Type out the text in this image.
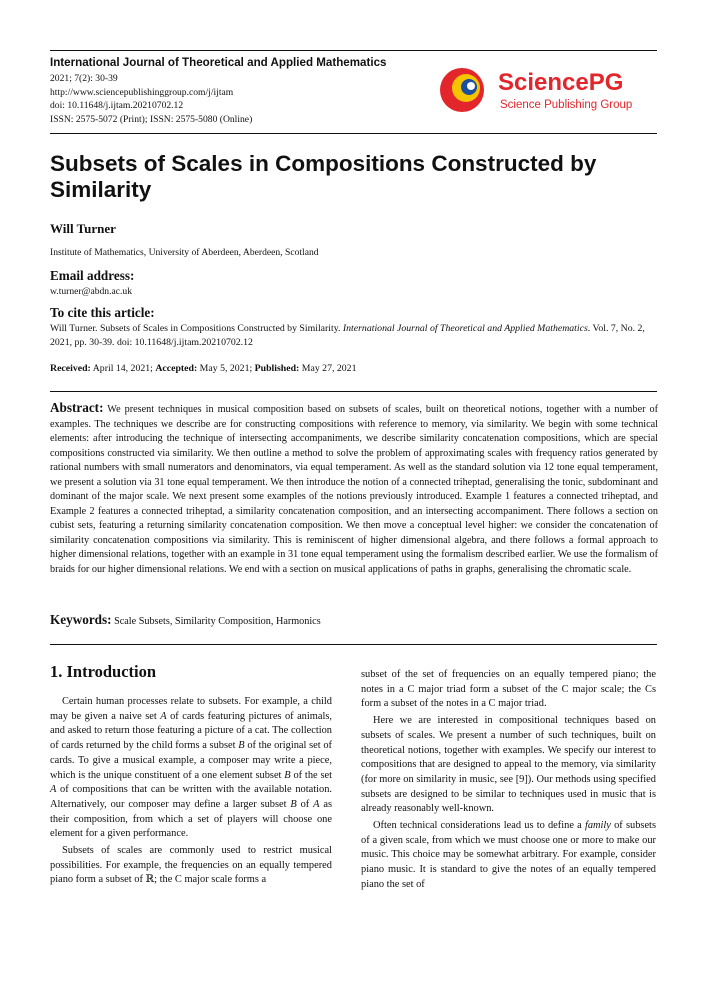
International Journal of Theoretical and Applied Mathematics
2021; 7(2): 30-39
http://www.sciencepublishinggroup.com/j/ijtam
doi: 10.11648/j.ijtam.20210702.12
ISSN: 2575-5072 (Print); ISSN: 2575-5080 (Online)
SciencePG
Science Publishing Group
Subsets of Scales in Compositions Constructed by
Similarity
Will Turner
Institute of Mathematics, University of Aberdeen, Aberdeen, Scotland
Email address:
w.turner@abdn.ac.uk
To cite this article:
Will Turner. Subsets of Scales in Compositions Constructed by Similarity. International Journal of Theoretical and Applied Mathematics. Vol. 7, No. 2, 2021, pp. 30-39. doi: 10.11648/j.ijtam.20210702.12
Received: April 14, 2021; Accepted: May 5, 2021; Published: May 27, 2021
Abstract: We present techniques in musical composition based on subsets of scales, built on theoretical notions, together with a number of examples. The techniques we describe are for constructing compositions with reference to memory, via similarity. We begin with some technical elements: after introducing the technique of intersecting accompaniments, we describe similarity concatenation compositions, which are special compositions constructed via similarity. We then outline a method to solve the problem of approximating scales with frequency ratios generated by rational numbers with small numerators and denominators, via equal temperament. As well as the standard solution via 12 tone equal temperament, we present a solution via 31 tone equal temperament. We then introduce the notion of a connected triheptad, generalising the tonic, subdominant and dominant of the major scale. We next present some examples of the notions previously introduced. Example 1 features a connected triheptad, and Example 2 features a connected triheptad, a similarity concatenation composition, and an intersecting accompaniment. There follows a section on cubist sets, featuring a returning similarity concatenation composition. We then move a conceptual level higher: we consider the concatenation of similarity concatenation compositions via similarity. This is reminiscent of higher dimensional algebra, and there follows a formal approach to higher dimensional relations, together with an example in 31 tone equal temperament using the formalism described earlier. We use the formalism of braids for our higher dimensional relations. We end with a section on musical applications of paths in graphs, generalising the chromatic scale.
Keywords: Scale Subsets, Similarity Composition, Harmonics
1. Introduction

Certain human processes relate to subsets. For example, a child may be given a naive set A of cards featuring pictures of animals, and asked to return those featuring a picture of a cat. The collection of cards returned by the child forms a subset B of the original set of cards. To give a musical example, a composer may write a piece, which is the unique constituent of a one element subset B of the set A of compositions that can be written with the available notation. Alternatively, our composer may define a larger subset B of A as their composition, from which a set of players will choose one element for a given performance.

Subsets of scales are commonly used to restrict musical possibilities. For example, the frequencies on an equally tempered piano form a subset of ℝ; the C major scale forms a

subset of the set of frequencies on an equally tempered piano; the notes in a C major triad form a subset of the C major scale; the Cs form a subset of the notes in a C major triad.

Here we are interested in compositional techniques based on subsets of scales. We present a number of such techniques, built on theoretical notions, together with examples. We specify our interest to compositions that are designed to appeal to the memory, via similarity (for more on similarity in music, see [9]). Our methods using specified subsets are designed to be similar to techniques used in music that is already reasonably well-known.

Often technical considerations lead us to define a family of subsets of a given scale, from which we must choose one or more to make our music. This choice may be somewhat arbitrary. For example, consider piano music. It is standard to give the notes of an equally tempered piano the set of
